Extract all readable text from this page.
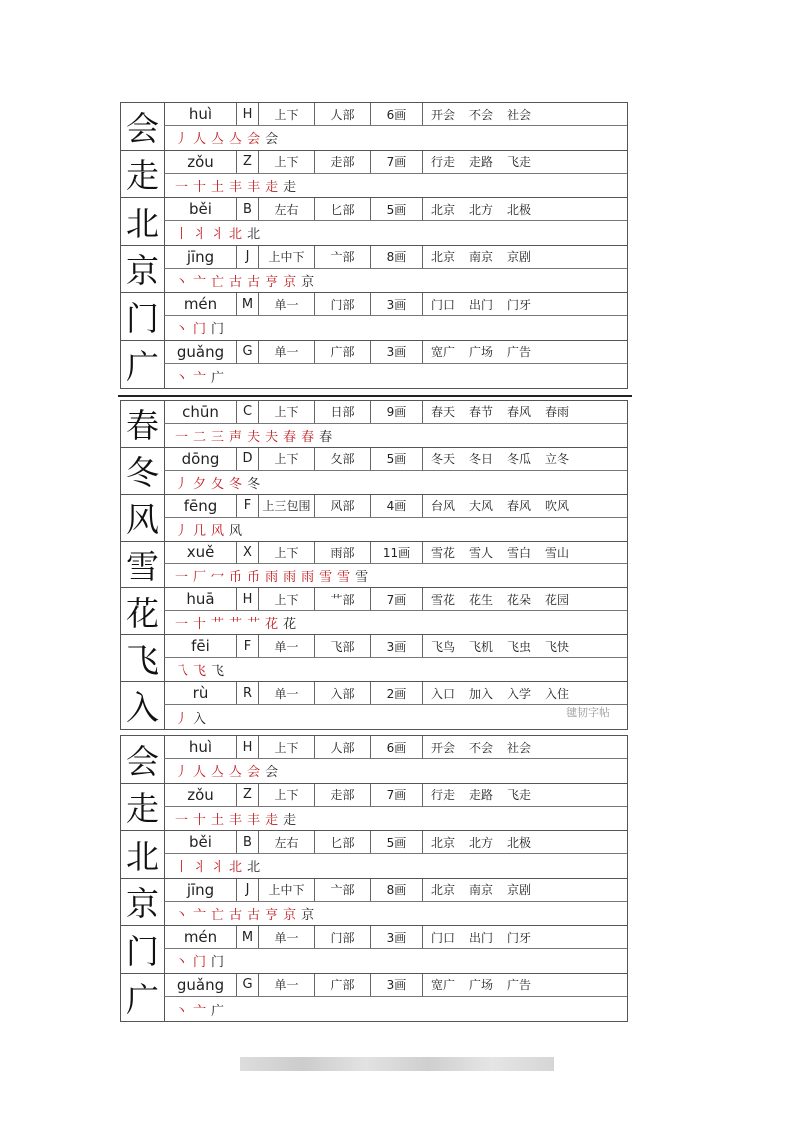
会	huì	H	上下	人部	6画	开会 不会 社会
丿 人 亼 亼 会 会
走	zǒu	Z	上下	走部	7画	行走 走路 飞走
一 十 土 丰 丰 走 走
北	běi	B	左右	匕部	5画	北京 北方 北极
丨 丬 丬 北 北
京	jīng	J	上中下	亠部	8画	北京 南京 京剧
丶 亠 亡 古 古 亨 京 京
门	mén	M	单一	门部	3画	门口 出门 门牙
丶 门 门
广	guǎng	G	单一	广部	3画	宽广 广场 广告
丶 亠 广
春	chūn	C	上下	日部	9画	春天 春节 春风 春雨
一 二 三 声 夫 夫 春 春 春
冬	dōng	D	上下	夂部	5画	冬天 冬日 冬瓜 立冬
丿 夕 夂 冬 冬
风	fēng	F 上三包围	风部	4画	台风 大风 春风 吹风
丿 几 风 风
雪	xuě	X	上下	雨部	11画	雪花 雪人 雪白 雪山
一 厂 冖 币 币 雨 雨 雨 雪 雪 雪
花	huā	H	上下	艹部	7画	雪花 花生 花朵 花园
一 十 艹 艹 艹 花 花
飞	fēi	F	单一	飞部	3画	飞鸟 飞机 飞虫 飞快
乁 飞 飞
入	rù	R	单一	入部	2画	入口 加入 入学 入住
丿 入
会	huì	H	上下	人部	6画	开会 不会 社会
丿 人 亼 亼 会 会
走	zǒu	Z	上下	走部	7画	行走 走路 飞走
一 十 土 丰 丰 走 走
北	běi	B	左右	匕部	5画	北京 北方 北极
丨 丬 丬 北 北
京	jīng	J	上中下	亠部	8画	北京 南京 京剧
丶 亠 亡 古 古 亨 京 京
门	mén	M	单一	门部	3画	门口 出门 门牙
丶 门 门
广	guǎng	G	单一	广部	3画	宽广 广场 广告
丶 亠 广
毽韧字帖
